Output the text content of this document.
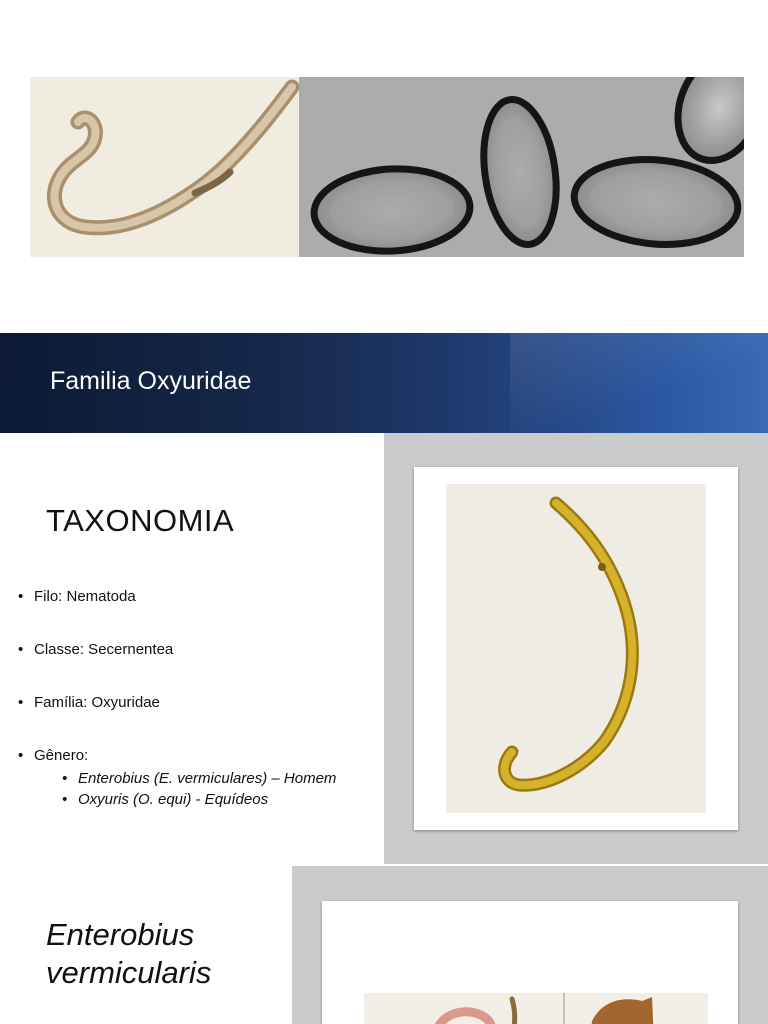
Familia Oxyuridae
TAXONOMIA
• Filo: Nematoda
• Classe: Secernentea
• Família: Oxyuridae
• Gênero:
• Enterobius (E. vermiculares) – Homem
• Oxyuris (O. equi) - Equídeos
Enterobius
vermicularis
